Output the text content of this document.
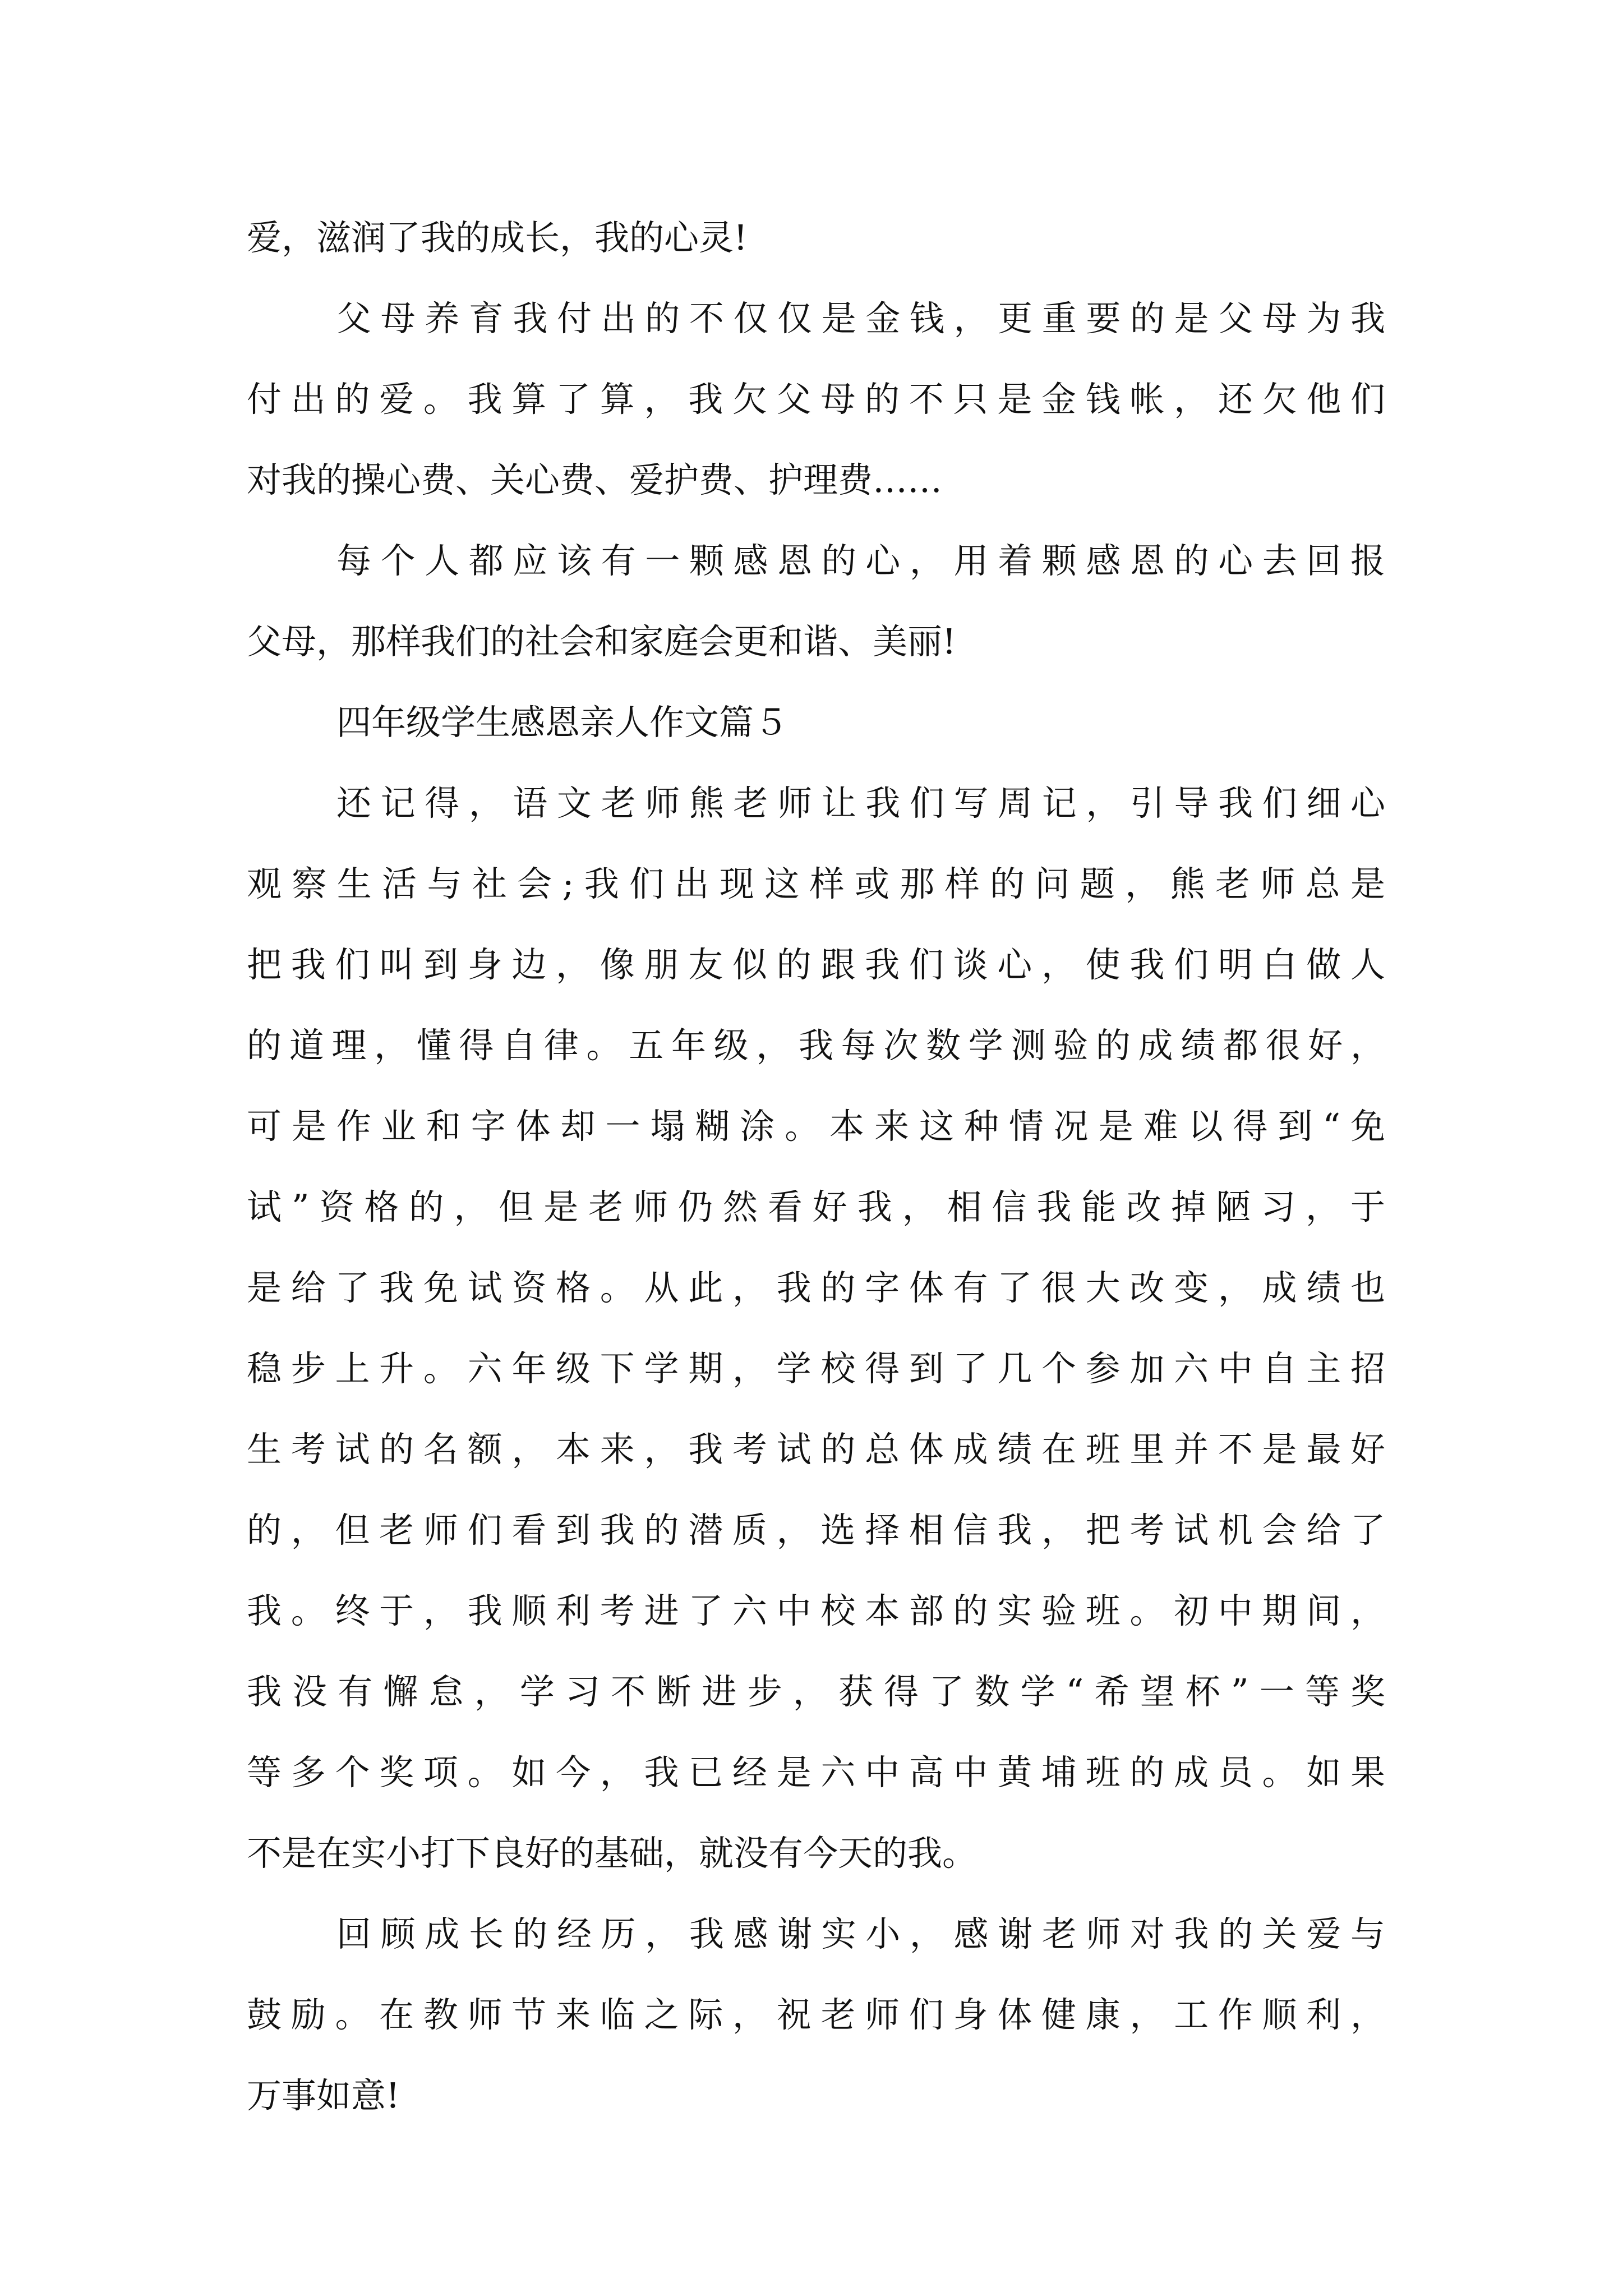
爱，滋润了我的成长，我的心灵!
父母养育我付出的不仅仅是金钱，更重要的是父母为我
付出的爱。我算了算，我欠父母的不只是金钱帐，还欠他们
对我的操心费、关心费、爱护费、护理费……
每个人都应该有一颗感恩的心，用着颗感恩的心去回报
父母，那样我们的社会和家庭会更和谐、美丽!
四年级学生感恩亲人作文篇５
还记得，语文老师熊老师让我们写周记，引导我们细心
观察生活与社会;我们出现这样或那样的问题，熊老师总是
把我们叫到身边，像朋友似的跟我们谈心，使我们明白做人
的道理，懂得自律。五年级，我每次数学测验的成绩都很好，
可是作业和字体却一塌糊涂。本来这种情况是难以得到“免
试”资格的，但是老师仍然看好我，相信我能改掉陋习，于
是给了我免试资格。从此，我的字体有了很大改变，成绩也
稳步上升。六年级下学期，学校得到了几个参加六中自主招
生考试的名额，本来，我考试的总体成绩在班里并不是最好
的，但老师们看到我的潜质，选择相信我，把考试机会给了
我。终于，我顺利考进了六中校本部的实验班。初中期间，
我没有懈怠，学习不断进步，获得了数学“希望杯”一等奖
等多个奖项。如今，我已经是六中高中黄埔班的成员。如果
不是在实小打下良好的基础，就没有今天的我。
回顾成长的经历，我感谢实小，感谢老师对我的关爱与
鼓励。在教师节来临之际，祝老师们身体健康，工作顺利，
万事如意!
